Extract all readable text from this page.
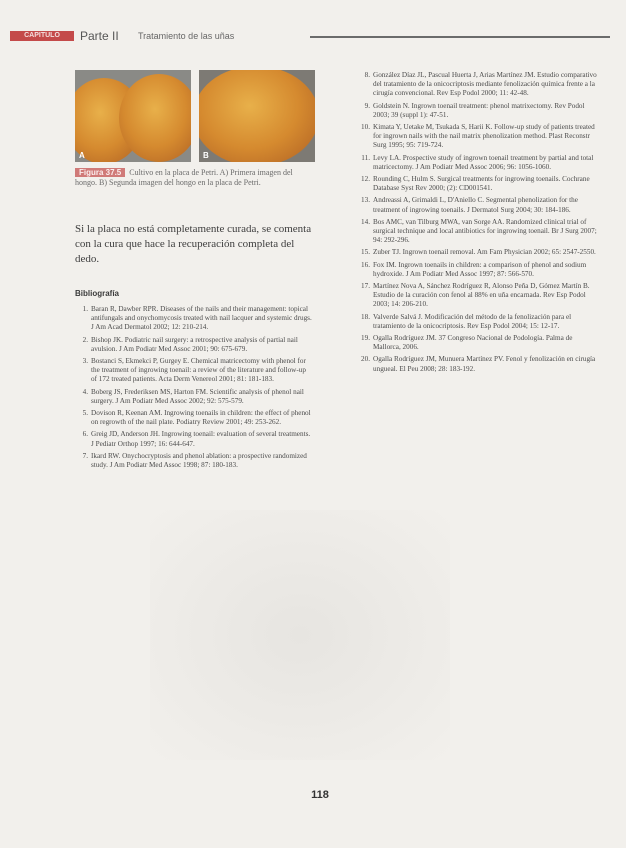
CAPITULO	Parte II Tratamiento de las uñas
A	B
Figura 37.5 Cultivo en la placa de Petri. A) Primera imagen del hongo. B) Segunda imagen del hongo en la placa de Petri.
Si la placa no está completamente curada, se comenta con la cura que hace la recuperación completa del dedo.
Bibliografía
1. Baran R, Dawber RPR. Diseases of the nails and their management: topical antifungals and onychomycosis treated with nail lacquer and systemic drugs. J Am Acad Dermatol 2002; 12: 210-214.
2. Bishop JK. Podiatric nail surgery: a retrospective analysis of partial nail avulsion. J Am Podiatr Med Assoc 2001; 90: 675-679.
3. Bostanci S, Ekmekci P, Gurgey E. Chemical matricectomy with phenol for the treatment of ingrowing toenail: a review of the literature and follow-up of 172 treated patients. Acta Derm Venereol 2001; 81: 181-183.
4. Boberg JS, Frederiksen MS, Harton FM. Scientific analysis of phenol nail surgery. J Am Podiatr Med Assoc 2002; 92: 575-579.
5. Dovison R, Keenan AM. Ingrowing toenails in children: the effect of phenol on regrowth of the nail plate. Podiatry Review 2001; 49: 253-262.
6. Greig JD, Anderson JH. Ingrowing toenail: evaluation of several treatments. J Pediatr Orthop 1997; 16: 644-647.
7. Ikard RW. Onychocryptosis and phenol ablation: a prospective randomized study. J Am Podiatr Med Assoc 1998; 87: 180-183.
8. González Díaz JL, Pascual Huerta J, Arias Martínez JM. Estudio comparativo del tratamiento de la onicocriptosis mediante fenolización química frente a la cirugía convencional. Rev Esp Podol 2000; 11: 42-48.
9. Goldstein N. Ingrown toenail treatment: phenol matrixectomy. Rev Podol 2003; 39 (suppl 1): 47-51.
10. Kimata Y, Uetake M, Tsukada S, Harii K. Follow-up study of patients treated for ingrown nails with the nail matrix phenolization method. Plast Reconstr Surg 1995; 95: 719-724.
11. Levy LA. Prospective study of ingrown toenail treatment by partial and total matricectomy. J Am Podiatr Med Assoc 2006; 96: 1056-1060.
12. Rounding C, Hulm S. Surgical treatments for ingrowing toenails. Cochrane Database Syst Rev 2000; (2): CD001541.
13. Andreassi A, Grimaldi L, D'Aniello C. Segmental phenolization for the treatment of ingrowing toenails. J Dermatol Surg 2004; 30: 184-186.
14. Bos AMC, van Tilburg MWA, van Sorge AA. Randomized clinical trial of surgical technique and local antibiotics for ingrowing toenail. Br J Surg 2007; 94: 292-296.
15. Zuber TJ. Ingrown toenail removal. Am Fam Physician 2002; 65: 2547-2550.
16. Fox IM. Ingrown toenails in children: a comparison of phenol and sodium hydroxide. J Am Podiatr Med Assoc 1997; 87: 566-570.
17. Martínez Nova A, Sánchez Rodríguez R, Alonso Peña D, Gómez Martín B. Estudio de la curación con fenol al 88% en uña encarnada. Rev Esp Podol 2003; 14: 206-210.
18. Valverde Salvá J. Modificación del método de la fenolización para el tratamiento de la onicocriptosis. Rev Esp Podol 2004; 15: 12-17.
19. Ogalla Rodríguez JM. 37 Congreso Nacional de Podología. Palma de Mallorca, 2006.
20. Ogalla Rodríguez JM, Munuera Martínez PV. Fenol y fenolización en cirugía ungueal. El Peu 2008; 28: 183-192.
118
